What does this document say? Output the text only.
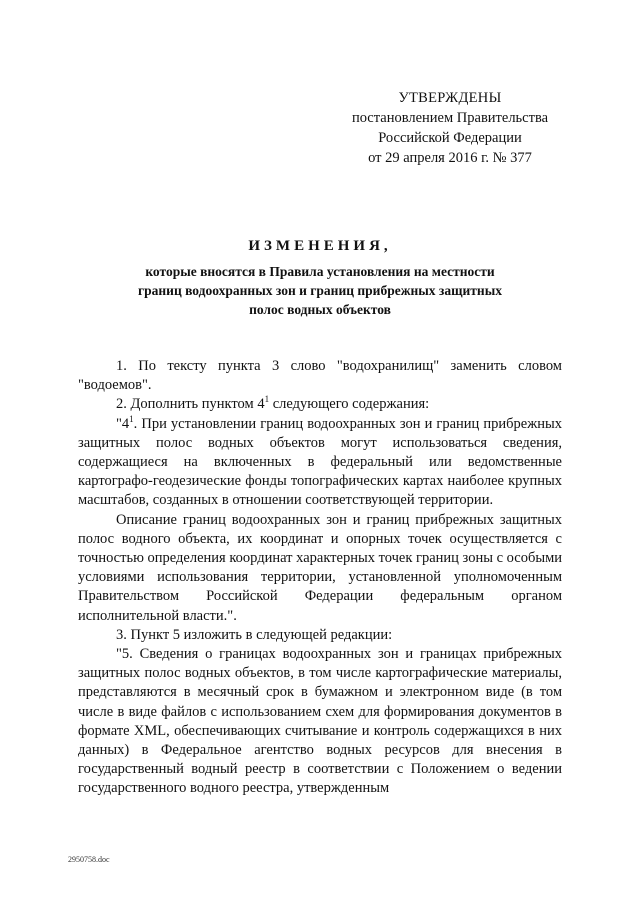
УТВЕРЖДЕНЫ
постановлением Правительства
Российской Федерации
от 29 апреля 2016 г. № 377
ИЗМЕНЕНИЯ,
которые вносятся в Правила установления на местности
границ водоохранных зон и границ прибрежных защитных
полос водных объектов

1. По тексту пункта 3 слово "водохранилищ" заменить словом "водоемов".

2. Дополнить пунктом $4^1$ следующего содержания:

"$4^1$. При установлении границ водоохранных зон и границ прибрежных защитных полос водных объектов могут использоваться сведения, содержащиеся на включенных в федеральный или ведомственные картографо-геодезические фонды топографических картах наиболее крупных масштабов, созданных в отношении соответствующей территории.

Описание границ водоохранных зон и границ прибрежных защитных полос водного объекта, их координат и опорных точек осуществляется с точностью определения координат характерных точек границ зоны с особыми условиями использования территории, установленной уполномоченным Правительством Российской Федерации федеральным органом исполнительной власти.".

3. Пункт 5 изложить в следующей редакции:

"5. Сведения о границах водоохранных зон и границах прибрежных защитных полос водных объектов, в том числе картографические материалы, представляются в месячный срок в бумажном и электронном виде (в том числе в виде файлов с использованием схем для формирования документов в формате XML, обеспечивающих считывание и контроль содержащихся в них данных) в Федеральное агентство водных ресурсов для внесения в государственный водный реестр в соответствии с Положением о ведении государственного водного реестра, утвержденным

2950758.doc
